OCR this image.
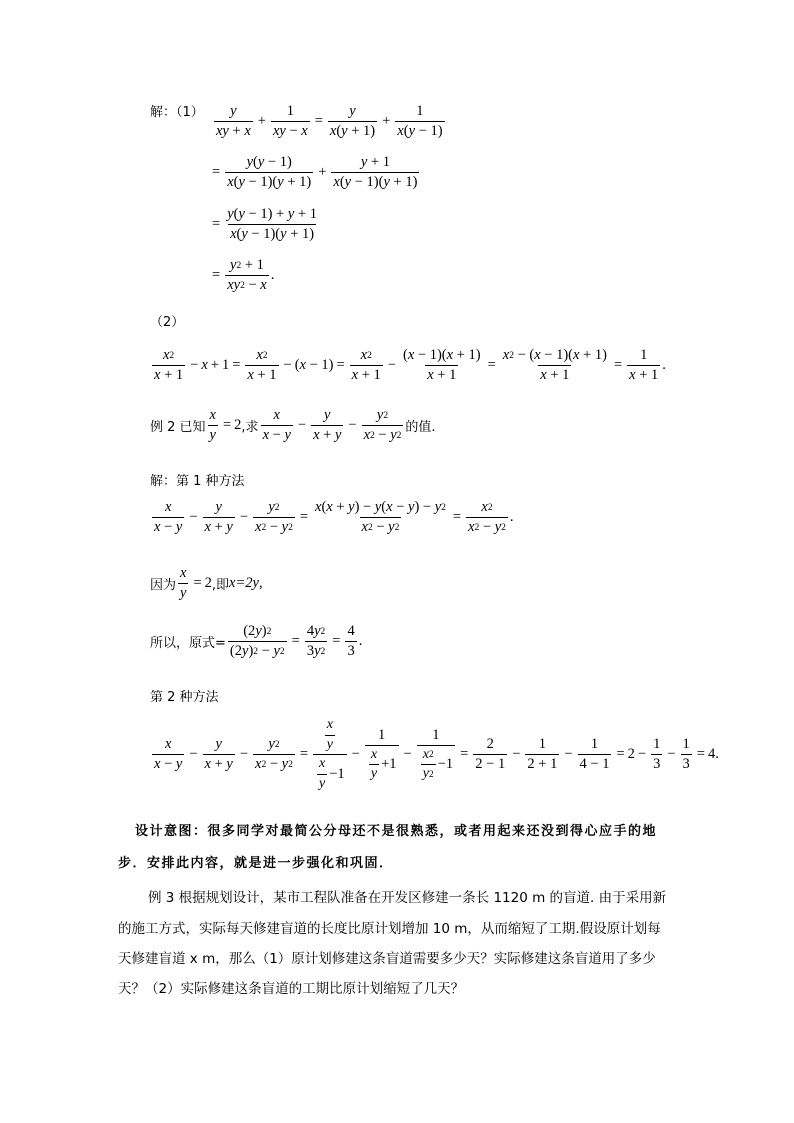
解：（1） y
xy + x
+ $\frac{1}{xy - x} = \frac{y}{x ( y + 1)} + \frac{1}{x ( y - 1)}$
= $\frac{y ( y - 1)}{x ( y - 1)( y + 1)} + \frac{y + 1}{x ( y - 1)( y + 1)}$
= $\frac{y ( y - 1) + y + 1}{x ( y - 1)( y + 1)}$
= $\frac{y 2 + 1}{xy 2 - x}$ .
（2）
x 2
x + 1
− $x + 1 = \frac{x 2}{x + 1}$ − ( $x - 1) = \frac{x 2}{x + 1} - \frac{( x - 1)( x + 1)}{x + 1} = \frac{x 2 - ( x - 1)( x + 1)}{x + 1} = \frac{1}{x + 1}$ .
例 2 已知 $\frac{x}{y} = 2$ ,求
x
x − y
− $\frac{y}{x + y} - \frac{y 2}{x 2 - y 2}$ 的值.
解：第 1 种方法
x
x − y
− $\frac{y}{x + y} - \frac{y 2}{x 2 - y 2} = \frac{x ( x + y ) - y ( x - y ) - y 2}{x 2 - y 2} = \frac{x 2}{x 2 - y 2}$ .
因为 $\frac{x}{y} = 2$ ,即 x=2y ,
所以，原式= $\frac{(2 y ) 2}{(2 y ) 2 - y 2} = \frac{4 y 2}{3 y 2} = \frac{4}{3}$ .
第 2 种方法
x
x − y
− $\frac{y}{x + y} - \frac{y 2}{x 2 - y 2} = x$
y
x
y
−1 − 1
x
y
+1 − 1
x 2
y 2
$-1 = \frac{2}{2 - 1} - \frac{1}{2 + 1} - \frac{1}{4 - 1} = 2 - \frac{1}{3} - \frac{1}{3} = 4$.
设计意图：很多同学对最简公分母还不是很熟悉，或者用起来还没到得心应手的地
步．安排此内容，就是进一步强化和巩固．
例 3 根据规划设计，某市工程队准备在开发区修建一条长 1120 m 的盲道. 由于采用新
的施工方式，实际每天修建盲道的长度比原计划增加 10 m，从而缩短了工期.假设原计划每
天修建盲道 x m，那么（1）原计划修建这条盲道需要多少天？实际修建这条盲道用了多少
天？（2）实际修建这条盲道的工期比原计划缩短了几天？
